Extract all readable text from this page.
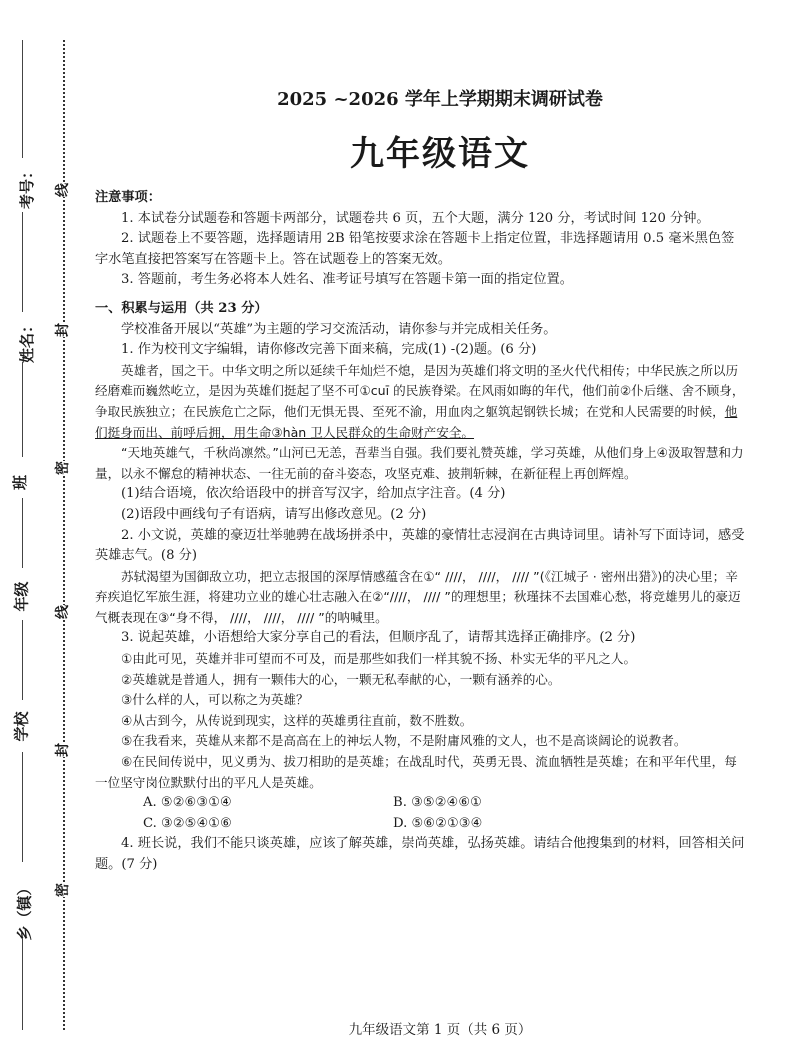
考号：
姓名：
班
年级
学校
乡（镇）
线
封
密
线
封
密
2025 ~2026 学年上学期期末调研试卷
九年级语文

注意事项：

1. 本试卷分试题卷和答题卡两部分，试题卷共 6 页，五个大题，满分 120 分，考试时间 120 分钟。

2. 试题卷上不要答题，选择题请用 2B 铅笔按要求涂在答题卡上指定位置，非选择题请用 0.5 毫米黑色签字水笔直接把答案写在答题卡上。答在试题卷上的答案无效。

3. 答题前，考生务必将本人姓名、准考证号填写在答题卡第一面的指定位置。

一、积累与运用（共 23 分）

学校准备开展以“英雄”为主题的学习交流活动，请你参与并完成相关任务。

1. 作为校刊文字编辑，请你修改完善下面来稿，完成(1) -(2)题。(6 分)

英雄者，国之干。中华文明之所以延续千年灿烂不熄，是因为英雄们将文明的圣火代代相传；中华民族之所以历经磨难而巍然屹立，是因为英雄们挺起了坚不可①cuī 的民族脊梁。在风雨如晦的年代，他们前②仆后继、舍不顾身，争取民族独立；在民族危亡之际，他们无惧无畏、至死不渝，用血肉之躯筑起钢铁长城；在党和人民需要的时候，他们挺身而出、前呼后拥，用生命③hàn 卫人民群众的生命财产安全。

“天地英雄气，千秋尚凛然。”山河已无恙，吾辈当自强。我们要礼赞英雄，学习英雄，从他们身上④汲取智慧和力量，以永不懈怠的精神状态、一往无前的奋斗姿态，攻坚克难、披荆斩棘，在新征程上再创辉煌。

(1)结合语境，依次给语段中的拼音写汉字，给加点字注音。(4 分)

(2)语段中画线句子有语病，请写出修改意见。(2 分)

2. 小文说，英雄的豪迈壮举驰骋在战场拼杀中，英雄的豪情壮志浸润在古典诗词里。请补写下面诗词，感受英雄志气。(8 分)

苏轼渴望为国御敌立功，把立志报国的深厚情感蕴含在①“ ////， ////， //// ”(《江城子 · 密州出猎》)的决心里；辛弃疾追忆军旅生涯，将建功立业的雄心壮志融入在②“////， //// ”的理想里；秋瑾抹不去国难心愁，将竞雄男儿的豪迈气概表现在③“身不得， ////， ////， //// ”的呐喊里。

3. 说起英雄，小语想给大家分享自己的看法，但顺序乱了，请帮其选择正确排序。(2 分)

①由此可见，英雄并非可望而不可及，而是那些如我们一样其貌不扬、朴实无华的平凡之人。

②英雄就是普通人，拥有一颗伟大的心，一颗无私奉献的心，一颗有涵养的心。

③什么样的人，可以称之为英雄？

④从古到今，从传说到现实，这样的英雄勇往直前，数不胜数。

⑤在我看来，英雄从来都不是高高在上的神坛人物，不是附庸风雅的文人，也不是高谈阔论的说教者。

⑥在民间传说中，见义勇为、拔刀相助的是英雄；在战乱时代，英勇无畏、流血牺牲是英雄；在和平年代里，每一位坚守岗位默默付出的平凡人是英雄。

A. ⑤②⑥③①④	B. ③⑤②④⑥①
C. ③②⑤④①⑥	D. ⑤⑥②①③④

4. 班长说，我们不能只谈英雄，应该了解英雄，崇尚英雄，弘扬英雄。请结合他搜集到的材料，回答相关问题。(7 分)

九年级语文第 1 页（共 6 页）
